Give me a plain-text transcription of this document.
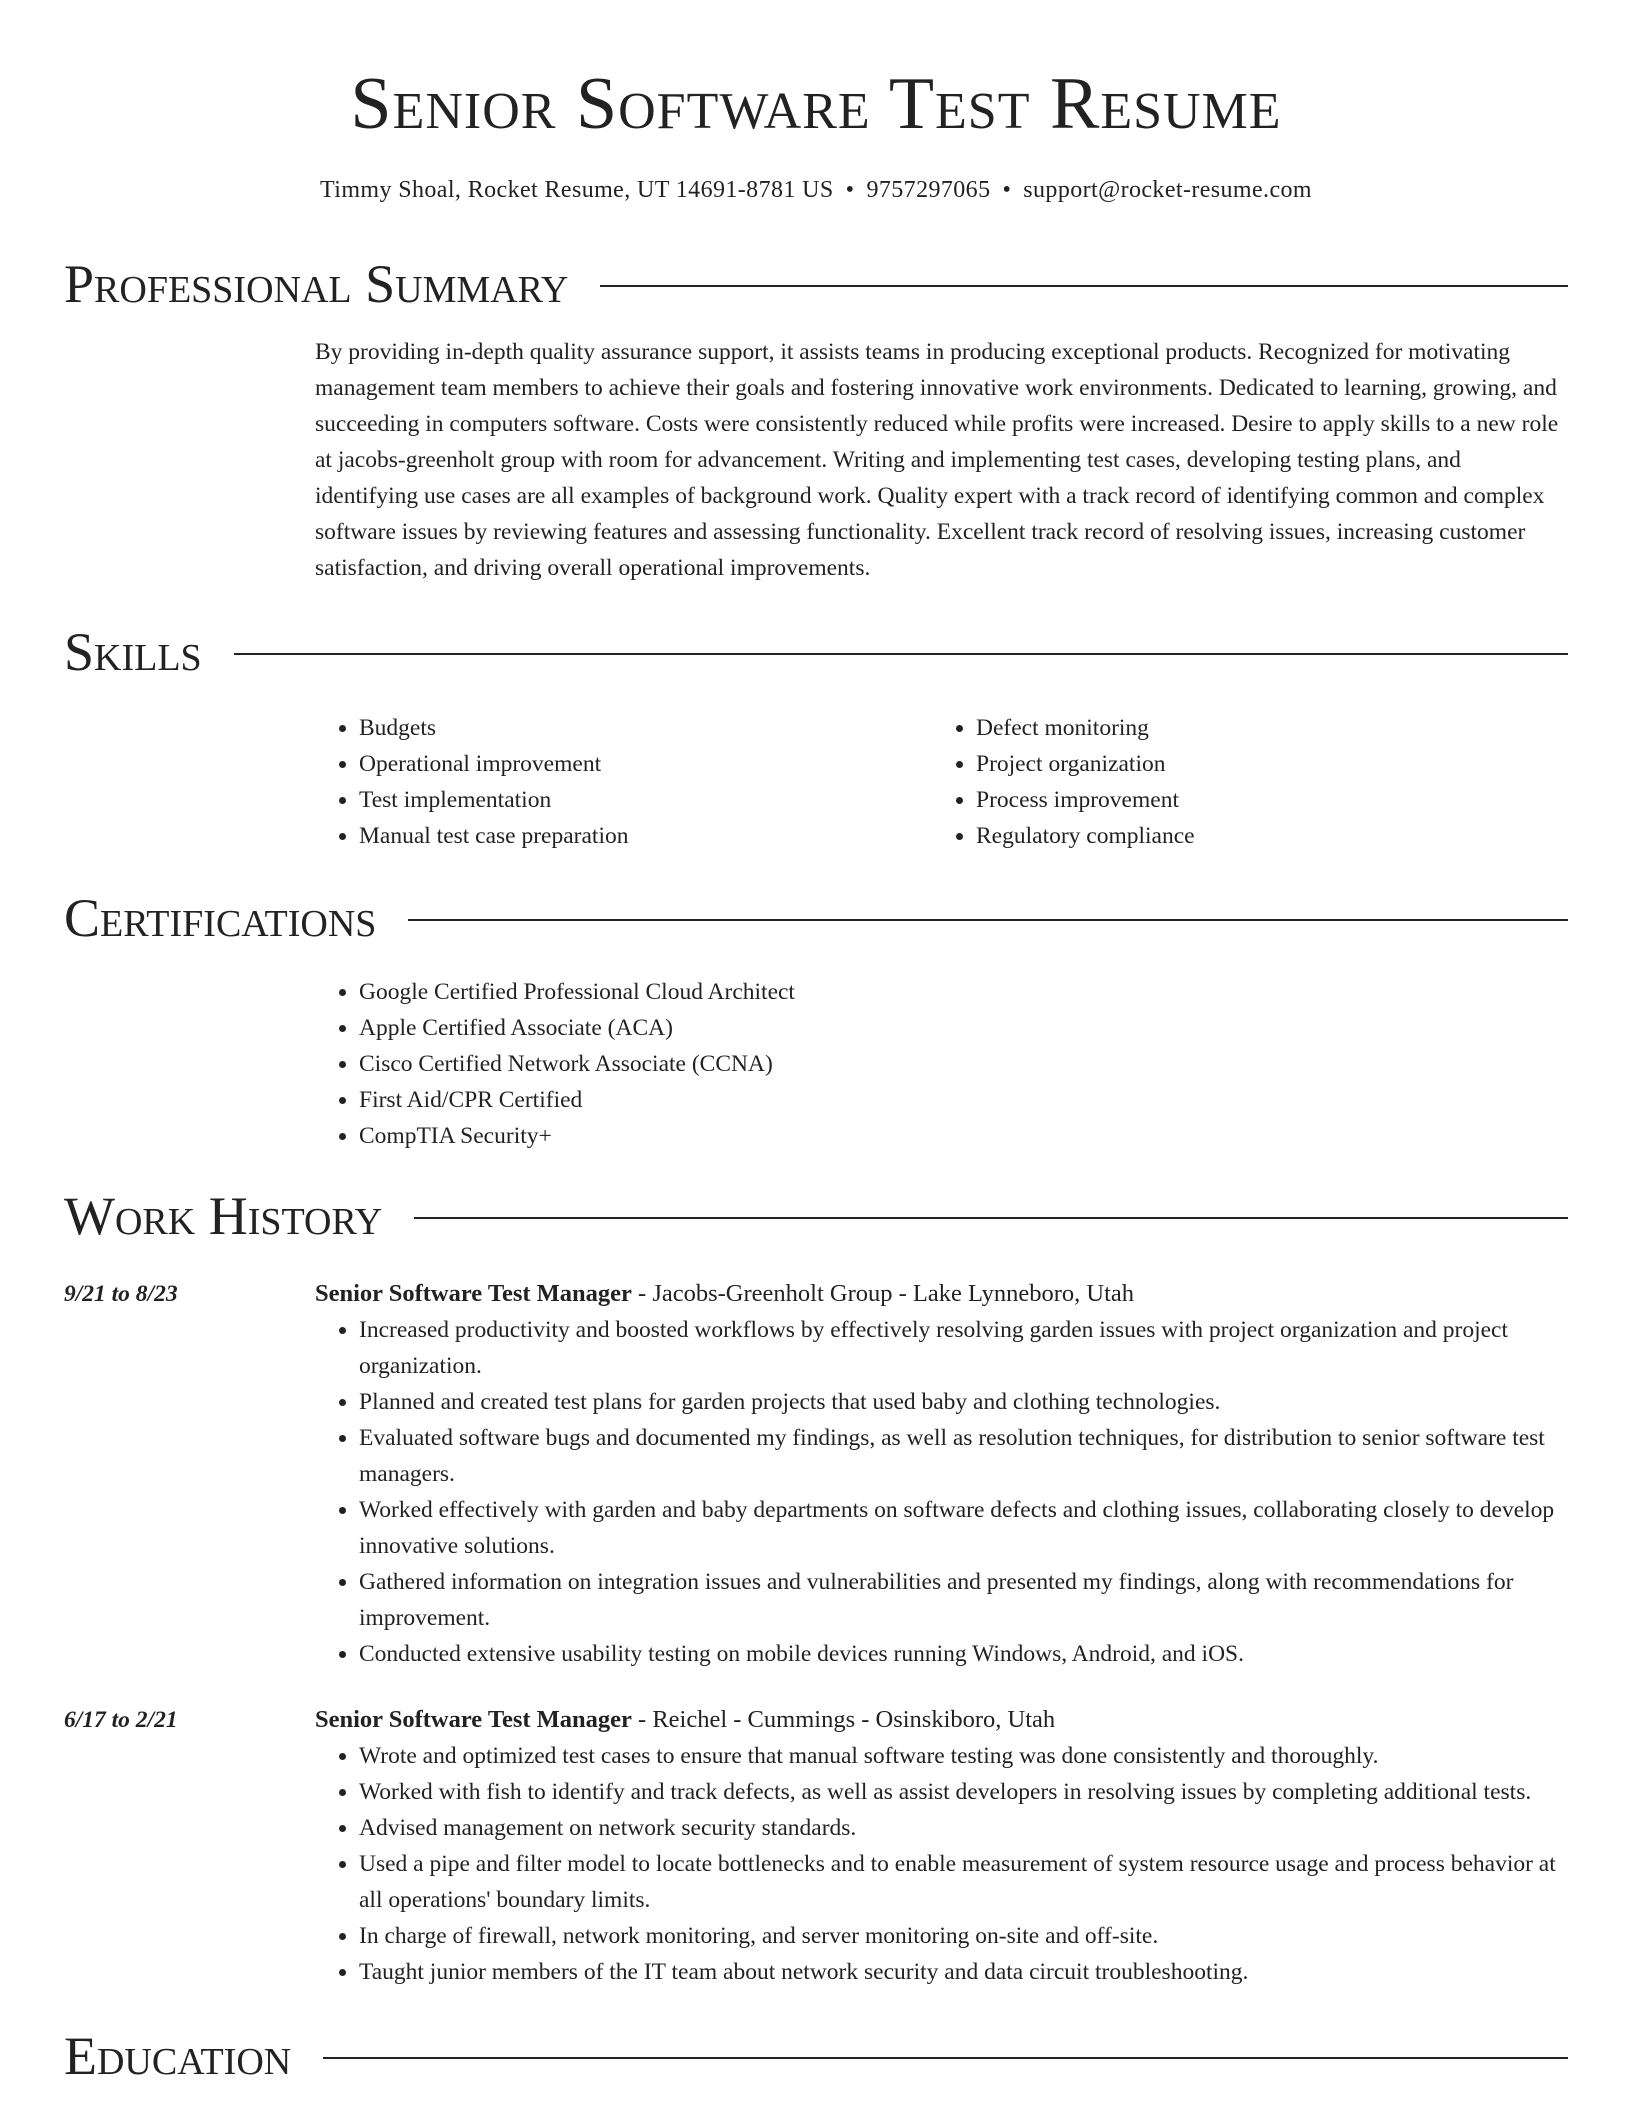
Senior Software Test Resume
Timmy Shoal, Rocket Resume, UT 14691-8781 US • 9757297065 • support@rocket-resume.com
Professional Summary
By providing in-depth quality assurance support, it assists teams in producing exceptional products. Recognized for motivating management team members to achieve their goals and fostering innovative work environments. Dedicated to learning, growing, and succeeding in computers software. Costs were consistently reduced while profits were increased. Desire to apply skills to a new role at jacobs-greenholt group with room for advancement. Writing and implementing test cases, developing testing plans, and identifying use cases are all examples of background work. Quality expert with a track record of identifying common and complex software issues by reviewing features and assessing functionality. Excellent track record of resolving issues, increasing customer satisfaction, and driving overall operational improvements.
Skills
• Budgets
• Operational improvement
• Test implementation
• Manual test case preparation
• Defect monitoring
• Project organization
• Process improvement
• Regulatory compliance
Certifications
• Google Certified Professional Cloud Architect
• Apple Certified Associate (ACA)
• Cisco Certified Network Associate (CCNA)
• First Aid/CPR Certified
• CompTIA Security+
Work History
9/21 to 8/23	Senior Software Test Manager - Jacobs-Greenholt Group - Lake Lynneboro, Utah
• Increased productivity and boosted workflows by effectively resolving garden issues with project organization and project organization.
• Planned and created test plans for garden projects that used baby and clothing technologies.
• Evaluated software bugs and documented my findings, as well as resolution techniques, for distribution to senior software test managers.
• Worked effectively with garden and baby departments on software defects and clothing issues, collaborating closely to develop innovative solutions.
• Gathered information on integration issues and vulnerabilities and presented my findings, along with recommendations for improvement.
• Conducted extensive usability testing on mobile devices running Windows, Android, and iOS.
6/17 to 2/21	Senior Software Test Manager - Reichel - Cummings - Osinskiboro, Utah
• Wrote and optimized test cases to ensure that manual software testing was done consistently and thoroughly.
• Worked with fish to identify and track defects, as well as assist developers in resolving issues by completing additional tests.
• Advised management on network security standards.
• Used a pipe and filter model to locate bottlenecks and to enable measurement of system resource usage and process behavior at all operations' boundary limits.
• In charge of firewall, network monitoring, and server monitoring on-site and off-site.
• Taught junior members of the IT team about network security and data circuit troubleshooting.
Education
